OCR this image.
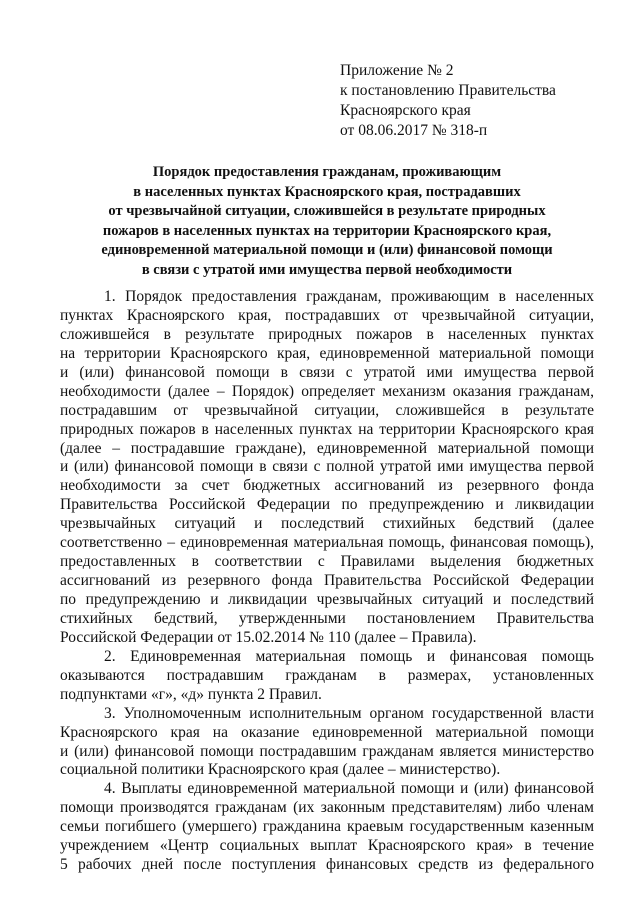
Приложение № 2
к постановлению Правительства
Красноярского края
от 08.06.2017 № 318-п
Порядок предоставления гражданам, проживающим
в населенных пунктах Красноярского края, пострадавших
от чрезвычайной ситуации, сложившейся в результате природных
пожаров в населенных пунктах на территории Красноярского края,
единовременной материальной помощи и (или) финансовой помощи
в связи с утратой ими имущества первой необходимости
1. Порядок предоставления гражданам, проживающим в населенных
пунктах Красноярского края, пострадавших от чрезвычайной ситуации,
сложившейся в результате природных пожаров в населенных пунктах
на территории Красноярского края, единовременной материальной помощи
и (или) финансовой помощи в связи с утратой ими имущества первой
необходимости (далее – Порядок) определяет механизм оказания гражданам,
пострадавшим от чрезвычайной ситуации, сложившейся в результате
природных пожаров в населенных пунктах на территории Красноярского края
(далее – пострадавшие граждане), единовременной материальной помощи
и (или) финансовой помощи в связи с полной утратой ими имущества первой
необходимости за счет бюджетных ассигнований из резервного фонда
Правительства Российской Федерации по предупреждению и ликвидации
чрезвычайных ситуаций и последствий стихийных бедствий (далее
соответственно – единовременная материальная помощь, финансовая помощь),
предоставленных в соответствии с Правилами выделения бюджетных
ассигнований из резервного фонда Правительства Российской Федерации
по предупреждению и ликвидации чрезвычайных ситуаций и последствий
стихийных бедствий, утвержденными постановлением Правительства
Российской Федерации от 15.02.2014 № 110 (далее – Правила).
2. Единовременная материальная помощь и финансовая помощь
оказываются пострадавшим гражданам в размерах, установленных
подпунктами «г», «д» пункта 2 Правил.
3. Уполномоченным исполнительным органом государственной власти
Красноярского края на оказание единовременной материальной помощи
и (или) финансовой помощи пострадавшим гражданам является министерство
социальной политики Красноярского края (далее – министерство).
4. Выплаты единовременной материальной помощи и (или) финансовой
помощи производятся гражданам (их законным представителям) либо членам
семьи погибшего (умершего) гражданина краевым государственным казенным
учреждением «Центр социальных выплат Красноярского края» в течение
5 рабочих дней после поступления финансовых средств из федерального
